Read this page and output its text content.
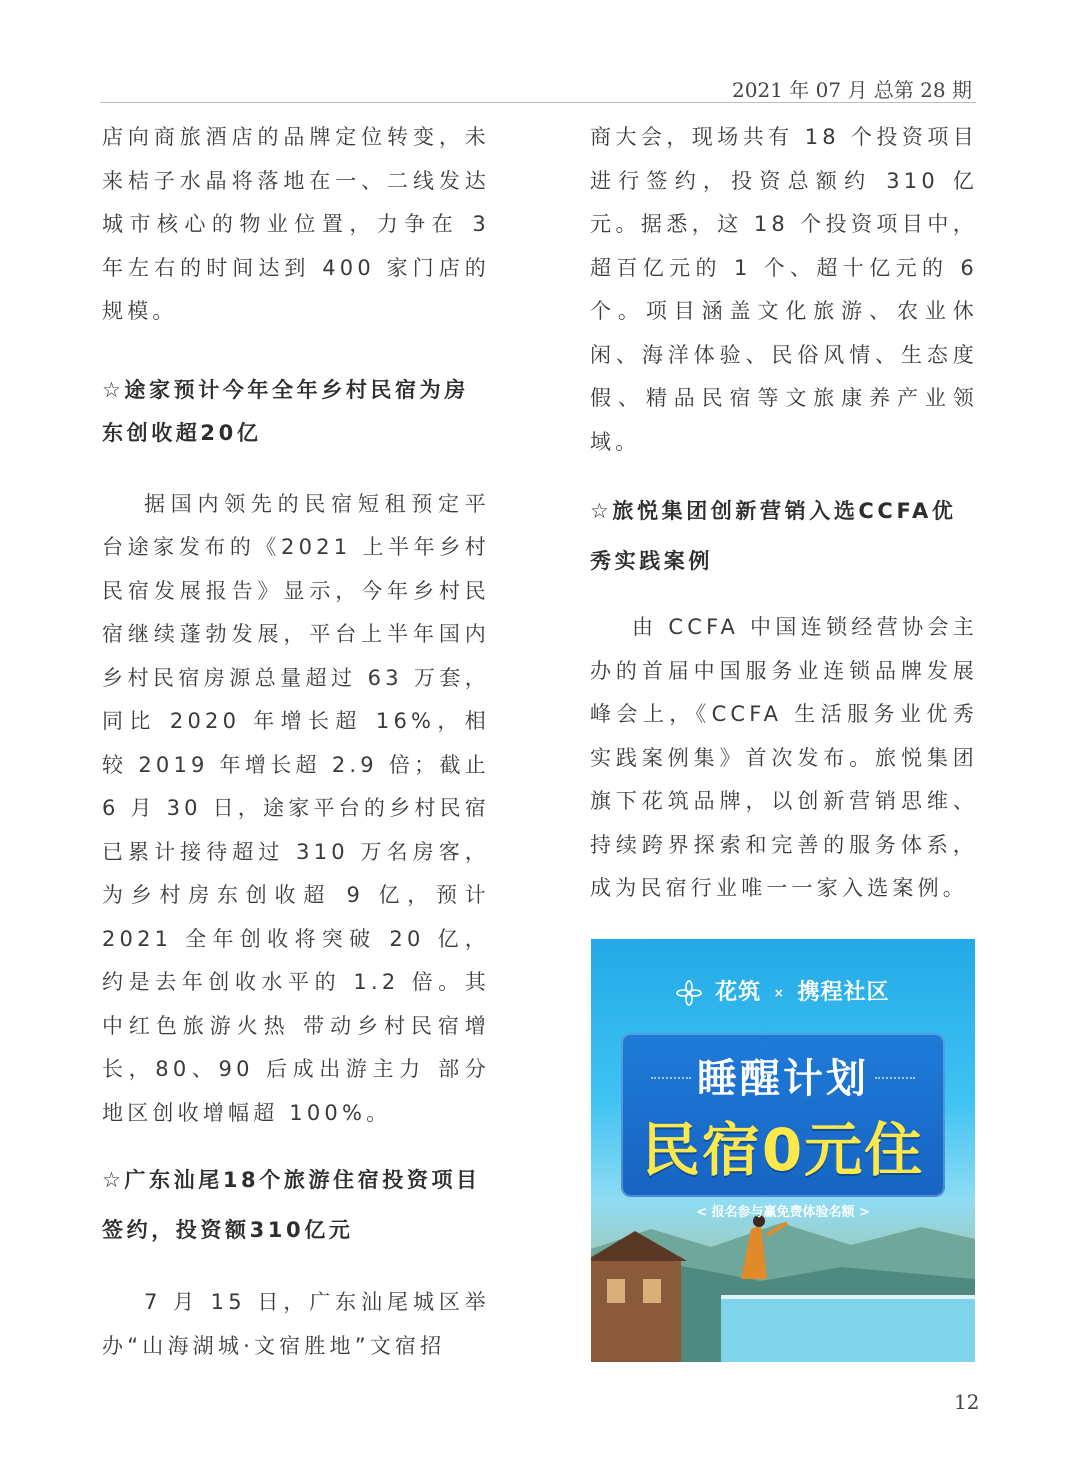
2021 年 07 月 总第 28 期

店向商旅酒店的品牌定位转变，未来桔子水晶将落地在一、二线发达城市核心的物业位置，力争在 3 年左右的时间达到 400 家门店的规模。

☆途家预计今年全年乡村民宿为房东创收超20亿

据国内领先的民宿短租预定平台途家发布的《2021 上半年乡村民宿发展报告》显示，今年乡村民宿继续蓬勃发展，平台上半年国内乡村民宿房源总量超过 63 万套，同比 2020 年增长超 16%，相较 2019 年增长超 2.9 倍；截止 6 月 30 日，途家平台的乡村民宿已累计接待超过 310 万名房客，为乡村房东创收超 9 亿，预计 2021 全年创收将突破 20 亿，约是去年创收水平的 1.2 倍。其中红色旅游火热 带动乡村民宿增长，80、90 后成出游主力 部分地区创收增幅超 100%。

☆广东汕尾18个旅游住宿投资项目签约，投资额310亿元

7 月 15 日，广东汕尾城区举办“山海湖城·文宿胜地”文宿招

商大会，现场共有 18 个投资项目进行签约，投资总额约 310 亿元。据悉，这 18 个投资项目中，超百亿元的 1 个、超十亿元的 6 个。项目涵盖文化旅游、农业休闲、海洋体验、民俗风情、生态度假、精品民宿等文旅康养产业领域。

☆旅悦集团创新营销入选CCFA优秀实践案例

由 CCFA 中国连锁经营协会主办的首届中国服务业连锁品牌发展峰会上，《CCFA 生活服务业优秀实践案例集》首次发布。旅悦集团旗下花筑品牌，以创新营销思维、持续跨界探索和完善的服务体系，成为民宿行业唯一一家入选案例。

花筑 × 携程社区
睡醒计划
民宿0元住
< 报名参与赢免费体验名额 >
12
